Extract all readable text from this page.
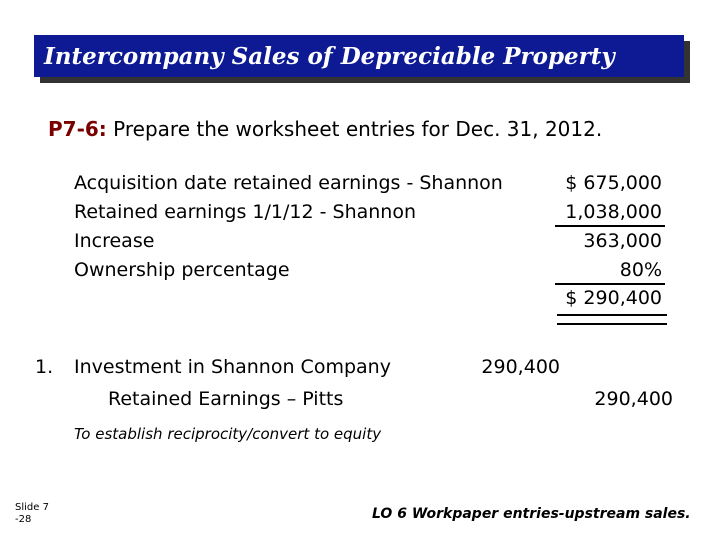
Intercompany Sales of Depreciable Property
P7-6: Prepare the worksheet entries for Dec. 31, 2012.
Acquisition date retained earnings - Shannon	$ 675,000
Retained earnings 1/1/12 - Shannon	1,038,000
Increase	363,000
Ownership percentage	80%
$ 290,400
1. Investment in Shannon Company	290,400
Retained Earnings – Pitts	290,400
To establish reciprocity/convert to equity
Slide 7
-28	LO 6 Workpaper entries-upstream sales.
